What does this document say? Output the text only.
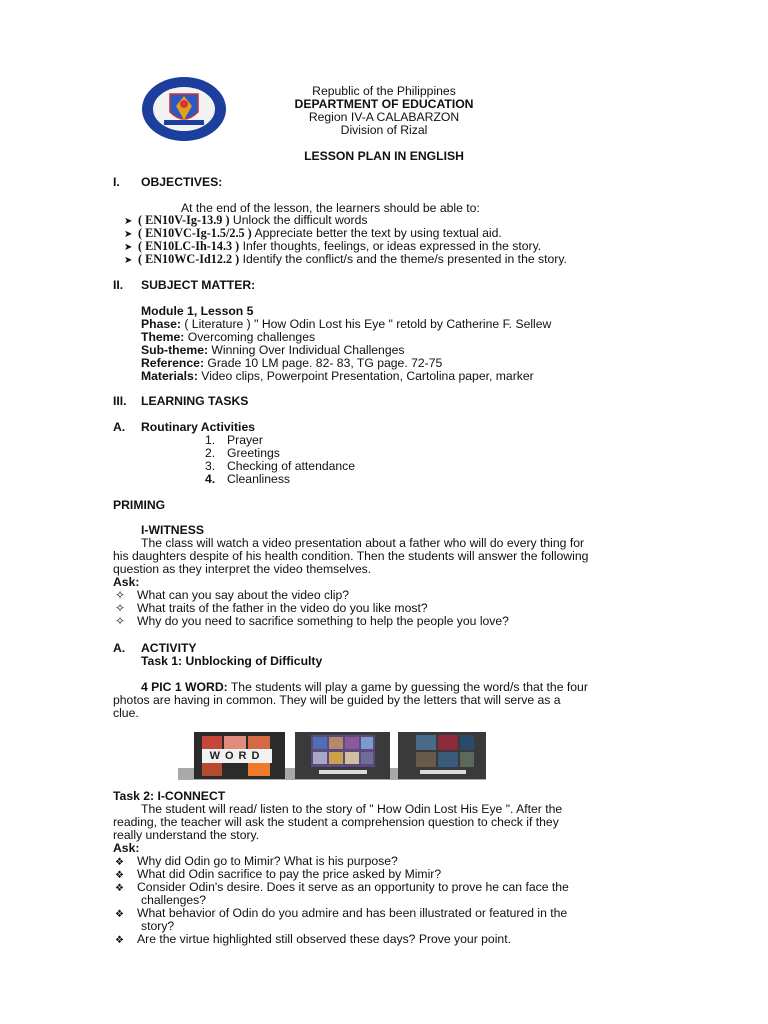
Republic of the Philippines
DEPARTMENT OF EDUCATION
Region IV-A CALABARZON
Division of Rizal
LESSON PLAN IN ENGLISH
I. OBJECTIVES:
At the end of the lesson, the learners should be able to:
➤ ( EN10V-Ig-13.9 ) Unlock the difficult words
➤ ( EN10VC-Ig-1.5/2.5 ) Appreciate better the text by using textual aid.
➤ ( EN10LC-Ih-14.3 ) Infer thoughts, feelings, or ideas expressed in the story.
➤ ( EN10WC-Id12.2 ) Identify the conflict/s and the theme/s presented in the story.
II. SUBJECT MATTER:
Module 1, Lesson 5
Phase: ( Literature ) " How Odin Lost his Eye " retold by Catherine F. Sellew
Theme: Overcoming challenges
Sub-theme: Winning Over Individual Challenges
Reference: Grade 10 LM page. 82- 83, TG page. 72-75
Materials: Video clips, Powerpoint Presentation, Cartolina paper, marker
III. LEARNING TASKS
A. Routinary Activities
1. Prayer
2. Greetings
3. Checking of attendance
4. Cleanliness
PRIMING
I-WITNESS
The class will watch a video presentation about a father who will do every thing for
his daughters despite of his health condition. Then the students will answer the following
question as they interpret the video themselves.
Ask:
✧ What can you say about the video clip?
✧ What traits of the father in the video do you like most?
✧ Why do you need to sacrifice something to help the people you love?
A. ACTIVITY
Task 1: Unblocking of Difficulty
4 PIC 1 WORD: The students will play a game by guessing the word/s that the four
photos are having in common. They will be guided by the letters that will serve as a
clue.
WORD
Task 2: I-CONNECT
The student will read/ listen to the story of " How Odin Lost His Eye ". After the
reading, the teacher will ask the student a comprehension question to check if they
really understand the story.
Ask:
❖ Why did Odin go to Mimir? What is his purpose?
❖ What did Odin sacrifice to pay the price asked by Mimir?
❖ Consider Odin's desire. Does it serve as an opportunity to prove he can face the
challenges?
❖ What behavior of Odin do you admire and has been illustrated or featured in the
story?
❖ Are the virtue highlighted still observed these days? Prove your point.
